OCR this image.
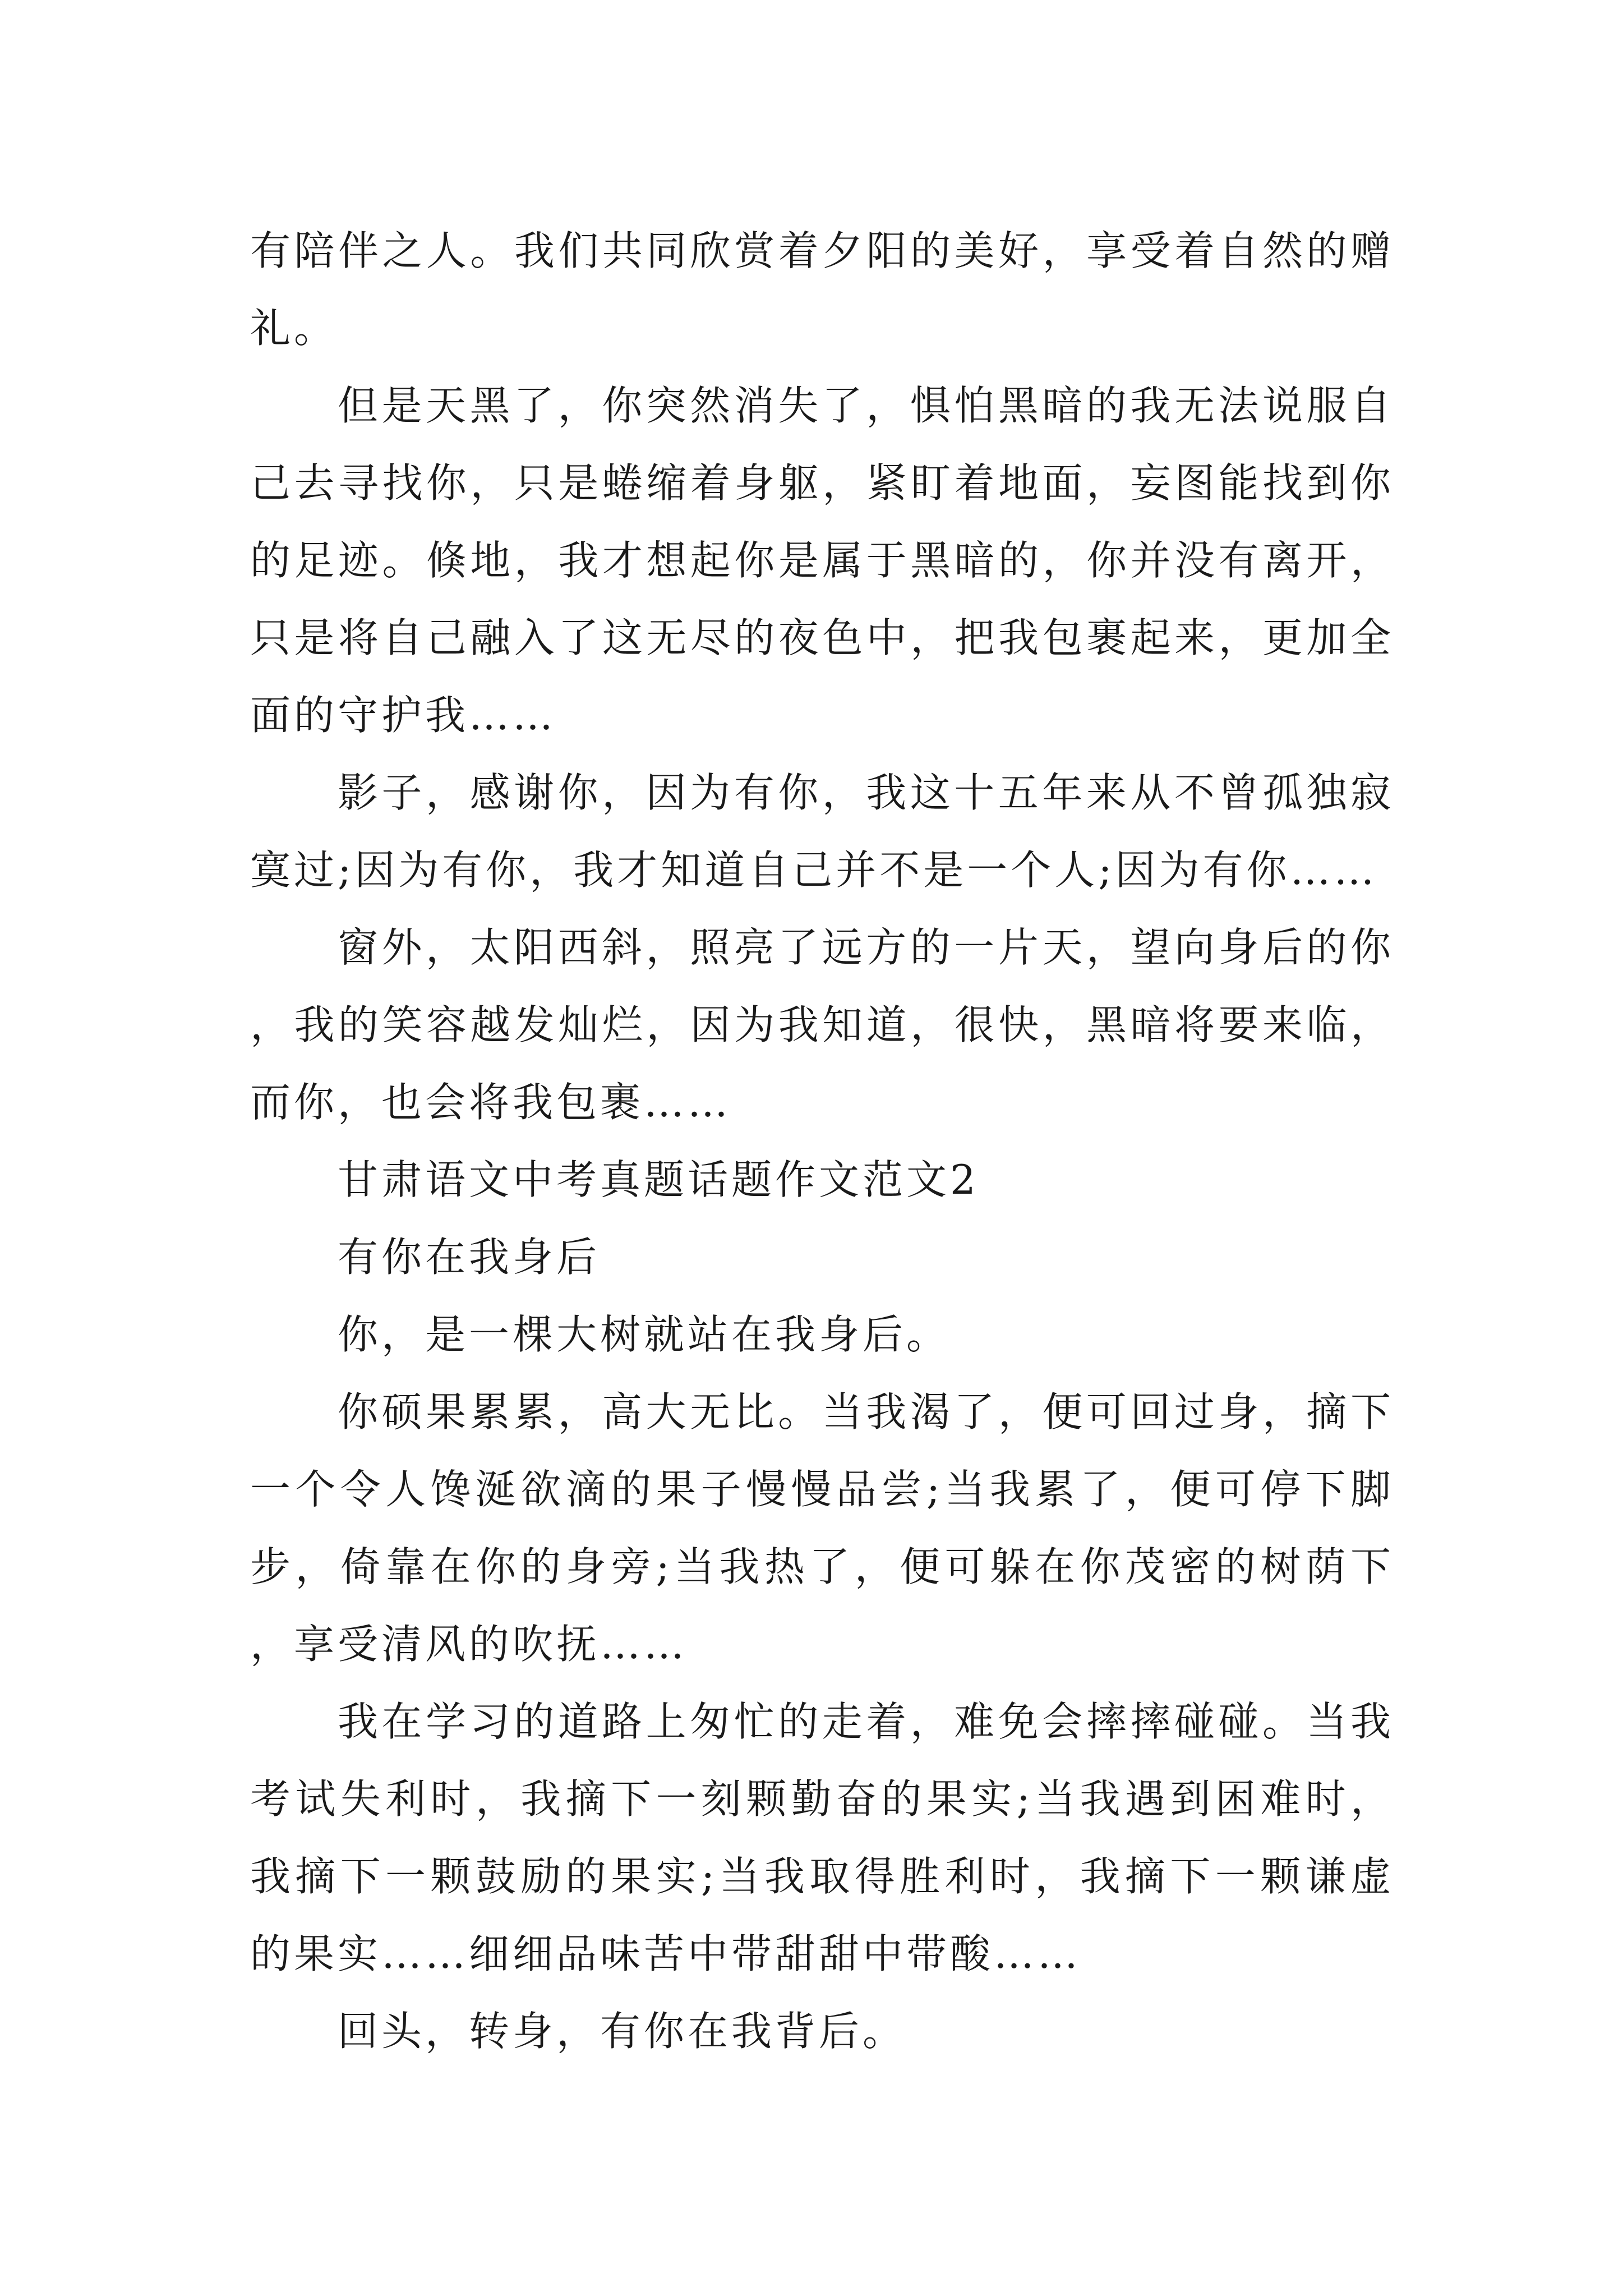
有陪伴之人。我们共同欣赏着夕阳的美好，享受着自然的赠礼。

但是天黑了，你突然消失了，惧怕黑暗的我无法说服自己去寻找你，只是蜷缩着身躯，紧盯着地面，妄图能找到你的足迹。倏地，我才想起你是属于黑暗的，你并没有离开，只是将自己融入了这无尽的夜色中，把我包裹起来，更加全面的守护我……

影子，感谢你，因为有你，我这十五年来从不曾孤独寂寞过;因为有你，我才知道自己并不是一个人;因为有你……

窗外，太阳西斜，照亮了远方的一片天，望向身后的你，我的笑容越发灿烂，因为我知道，很快，黑暗将要来临，而你，也会将我包裹……

甘肃语文中考真题话题作文范文2

有你在我身后

你，是一棵大树就站在我身后。

你硕果累累，高大无比。当我渴了，便可回过身，摘下一个令人馋涎欲滴的果子慢慢品尝;当我累了，便可停下脚步，倚靠在你的身旁;当我热了，便可躲在你茂密的树荫下，享受清风的吹抚……

我在学习的道路上匆忙的走着，难免会摔摔碰碰。当我考试失利时，我摘下一刻颗勤奋的果实;当我遇到困难时，我摘下一颗鼓励的果实;当我取得胜利时，我摘下一颗谦虚的果实……细细品味苦中带甜甜中带酸……

回头，转身，有你在我背后。
